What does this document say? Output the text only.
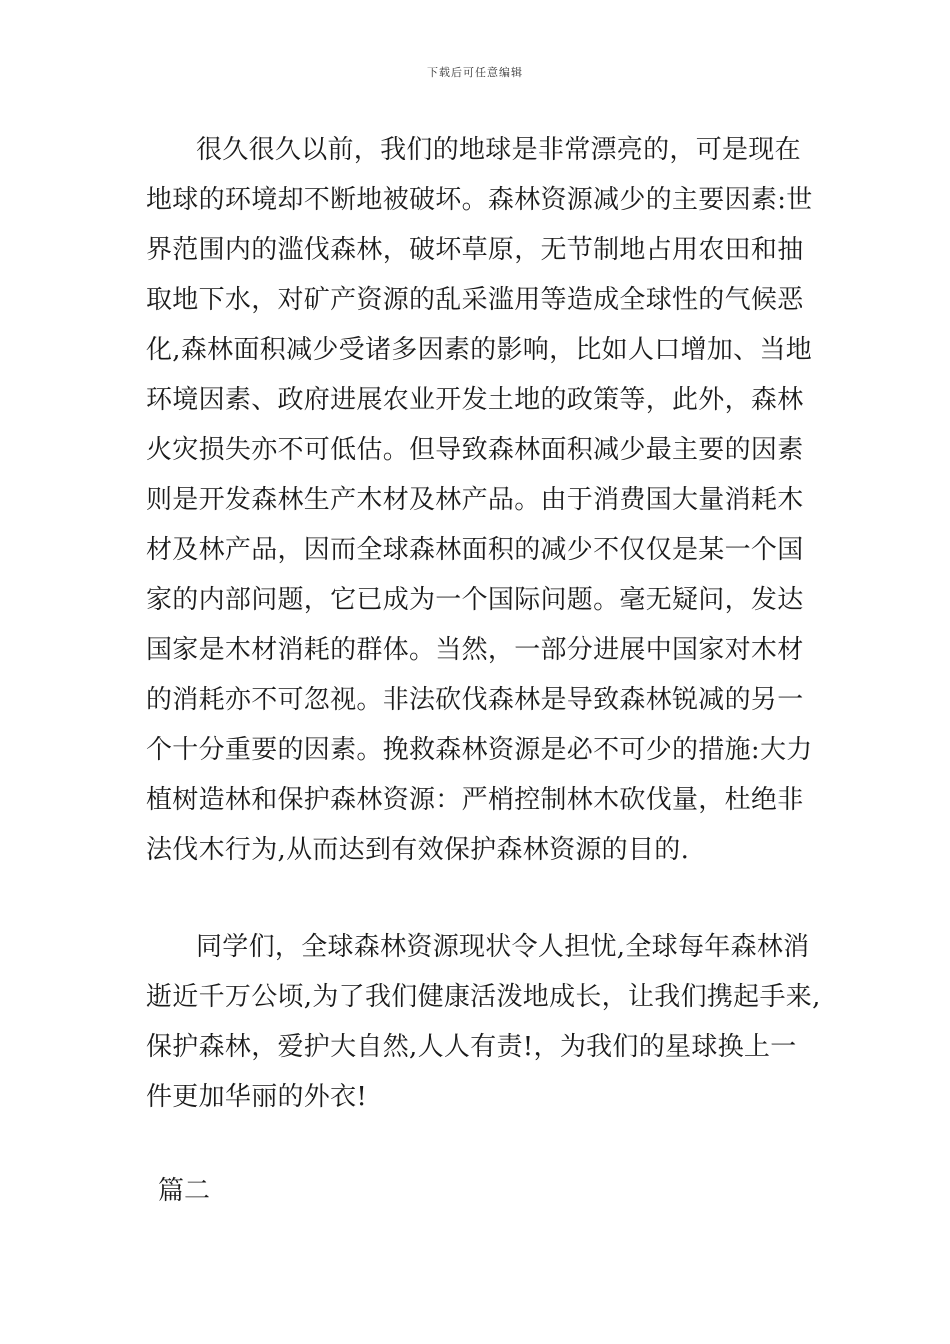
下载后可任意编辑
很久很久以前，我们的地球是非常漂亮的，可是现在
地球的环境却不断地被破坏。森林资源减少的主要因素:世
界范围内的滥伐森林，破坏草原，无节制地占用农田和抽
取地下水，对矿产资源的乱采滥用等造成全球性的气候恶
化,森林面积减少受诸多因素的影响，比如人口增加、当地
环境因素、政府进展农业开发土地的政策等，此外，森林
火灾损失亦不可低估。但导致森林面积减少最主要的因素
则是开发森林生产木材及林产品。由于消费国大量消耗木
材及林产品，因而全球森林面积的减少不仅仅是某一个国
家的内部问题，它已成为一个国际问题。毫无疑问，发达
国家是木材消耗的群体。当然，一部分进展中国家对木材
的消耗亦不可忽视。非法砍伐森林是导致森林锐减的另一
个十分重要的因素。挽救森林资源是必不可少的措施:大力
植树造林和保护森林资源：严梢控制林木砍伐量，杜绝非
法伐木行为,从而达到有效保护森林资源的目的.
同学们，全球森林资源现状令人担忧,全球每年森林消
逝近千万公顷,为了我们健康活泼地成长，让我们携起手来,
保护森林，爱护大自然,人人有责!，为我们的星球换上一
件更加华丽的外衣!
篇二
